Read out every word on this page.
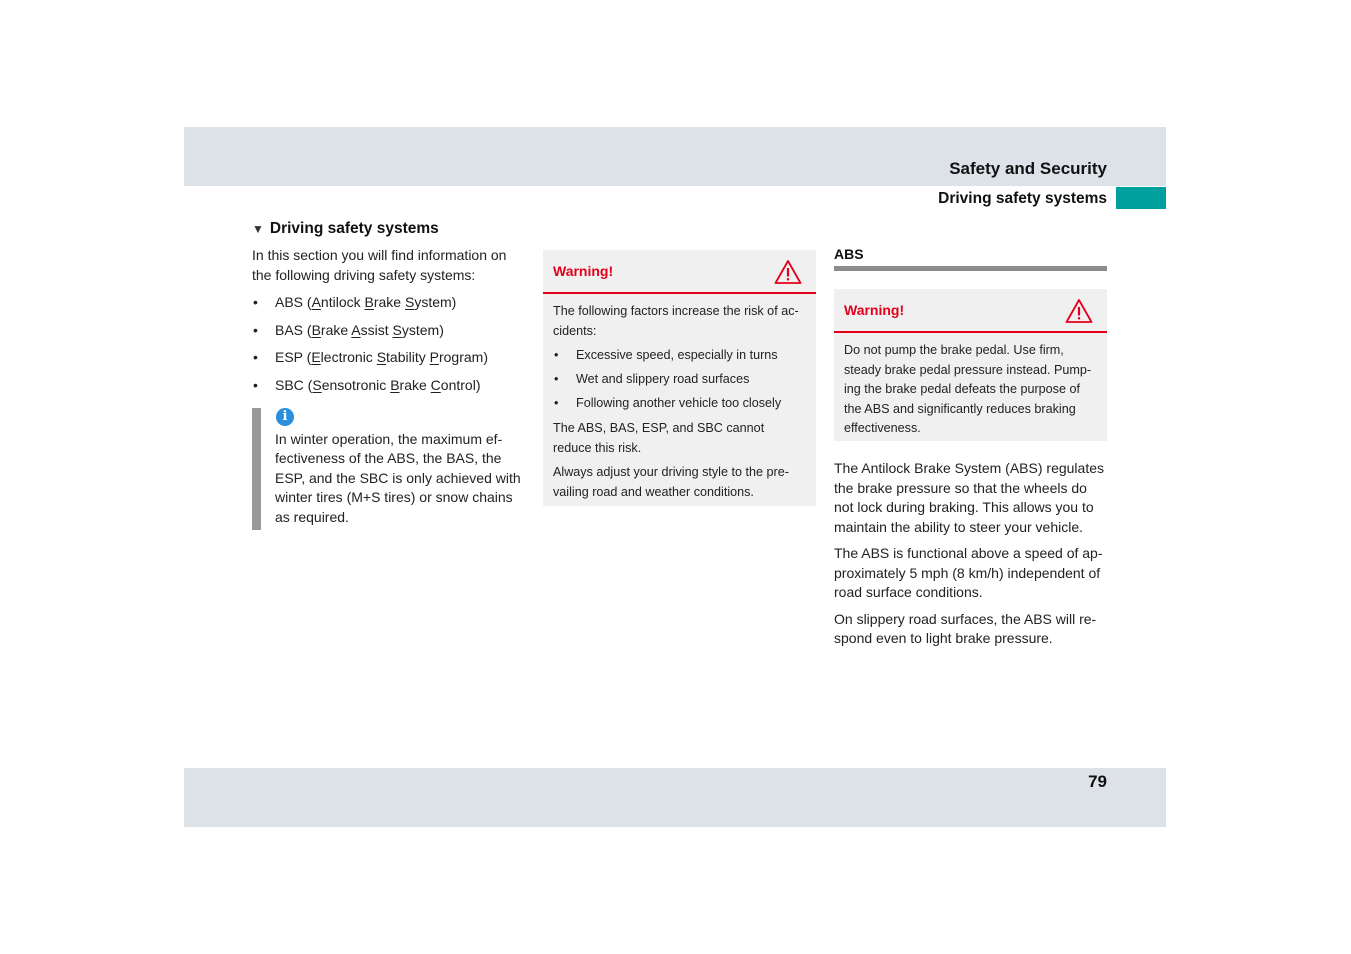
Safety and Security
Driving safety systems
▼ Driving safety systems

In this section you will find information on the following driving safety systems:

• ABS (Antilock Brake System)
• BAS (Brake Assist System)
• ESP (Electronic Stability Program)
• SBC (Sensotronic Brake Control)
i

In winter operation, the maximum ef-fectiveness of the ABS, the BAS, the ESP, and the SBC is only achieved with winter tires (M+S tires) or snow chains as required.

Warning!

The following factors increase the risk of ac-cidents:

• Excessive speed, especially in turns
• Wet and slippery road surfaces
• Following another vehicle too closely

The ABS, BAS, ESP, and SBC cannot reduce this risk.

Always adjust your driving style to the pre-vailing road and weather conditions.

ABS
Warning!

Do not pump the brake pedal. Use firm, steady brake pedal pressure instead. Pump-ing the brake pedal defeats the purpose of the ABS and significantly reduces braking effectiveness.

The Antilock Brake System (ABS) regulates the brake pressure so that the wheels do not lock during braking. This allows you to maintain the ability to steer your vehicle.

The ABS is functional above a speed of ap-proximately 5 mph (8 km/h) independent of road surface conditions.

On slippery road surfaces, the ABS will re-spond even to light brake pressure.

79
